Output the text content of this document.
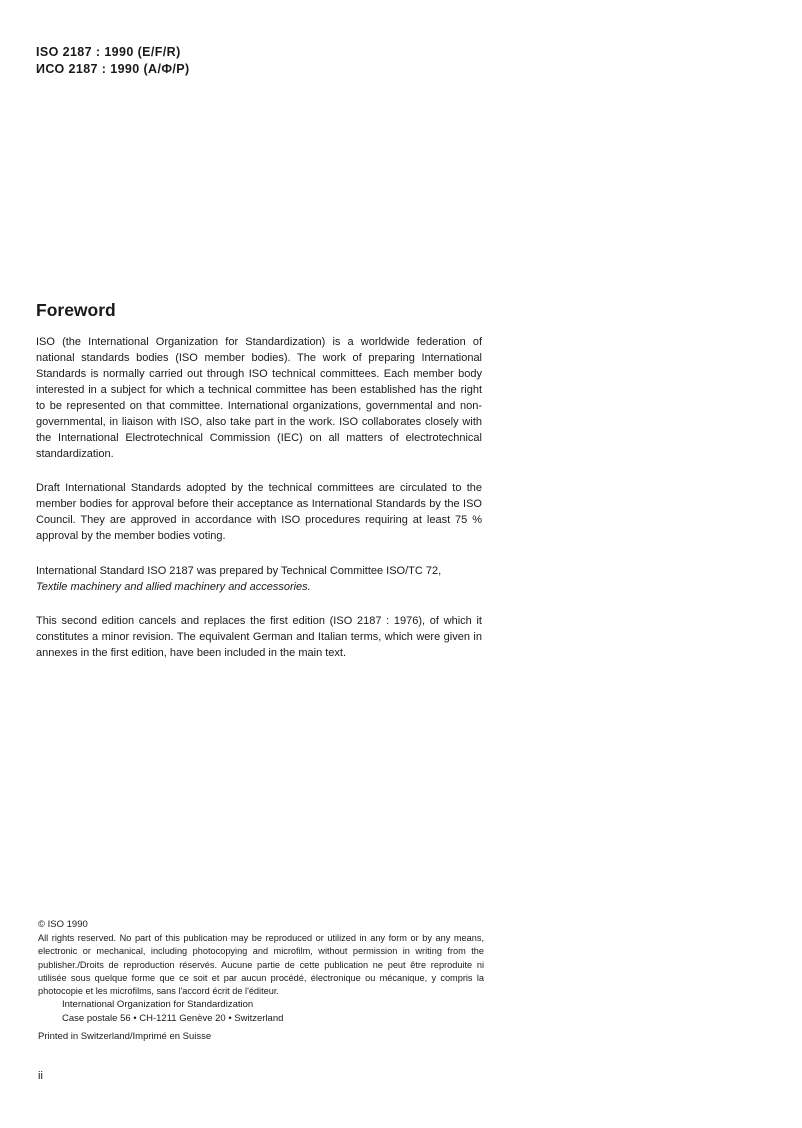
ISO 2187 : 1990 (E/F/R)
ИСО 2187 : 1990 (А/Ф/Р)
Foreword

ISO (the International Organization for Standardization) is a worldwide federation of national standards bodies (ISO member bodies). The work of preparing International Standards is normally carried out through ISO technical committees. Each member body interested in a subject for which a technical committee has been established has the right to be represented on that committee. International organizations, governmental and non-governmental, in liaison with ISO, also take part in the work. ISO collaborates closely with the International Electrotechnical Commission (IEC) on all matters of electrotechnical standardization.

Draft International Standards adopted by the technical committees are circulated to the member bodies for approval before their acceptance as International Standards by the ISO Council. They are approved in accordance with ISO procedures requiring at least 75 % approval by the member bodies voting.

International Standard ISO 2187 was prepared by Technical Committee ISO/TC 72,
Textile machinery and allied machinery and accessories.

This second edition cancels and replaces the first edition (ISO 2187 : 1976), of which it constitutes a minor revision. The equivalent German and Italian terms, which were given in annexes in the first edition, have been included in the main text.

© ISO 1990

All rights reserved. No part of this publication may be reproduced or utilized in any form or by any means, electronic or mechanical, including photocopying and microfilm, without permission in writing from the publisher./Droits de reproduction réservés. Aucune partie de cette publication ne peut être reproduite ni utilisée sous quelque forme que ce soit et par aucun procédé, électronique ou mécanique, y compris la photocopie et les microfilms, sans l'accord écrit de l'éditeur.

International Organization for Standardization
Case postale 56 • CH-1211 Genève 20 • Switzerland
Printed in Switzerland/Imprimé en Suisse
ii
